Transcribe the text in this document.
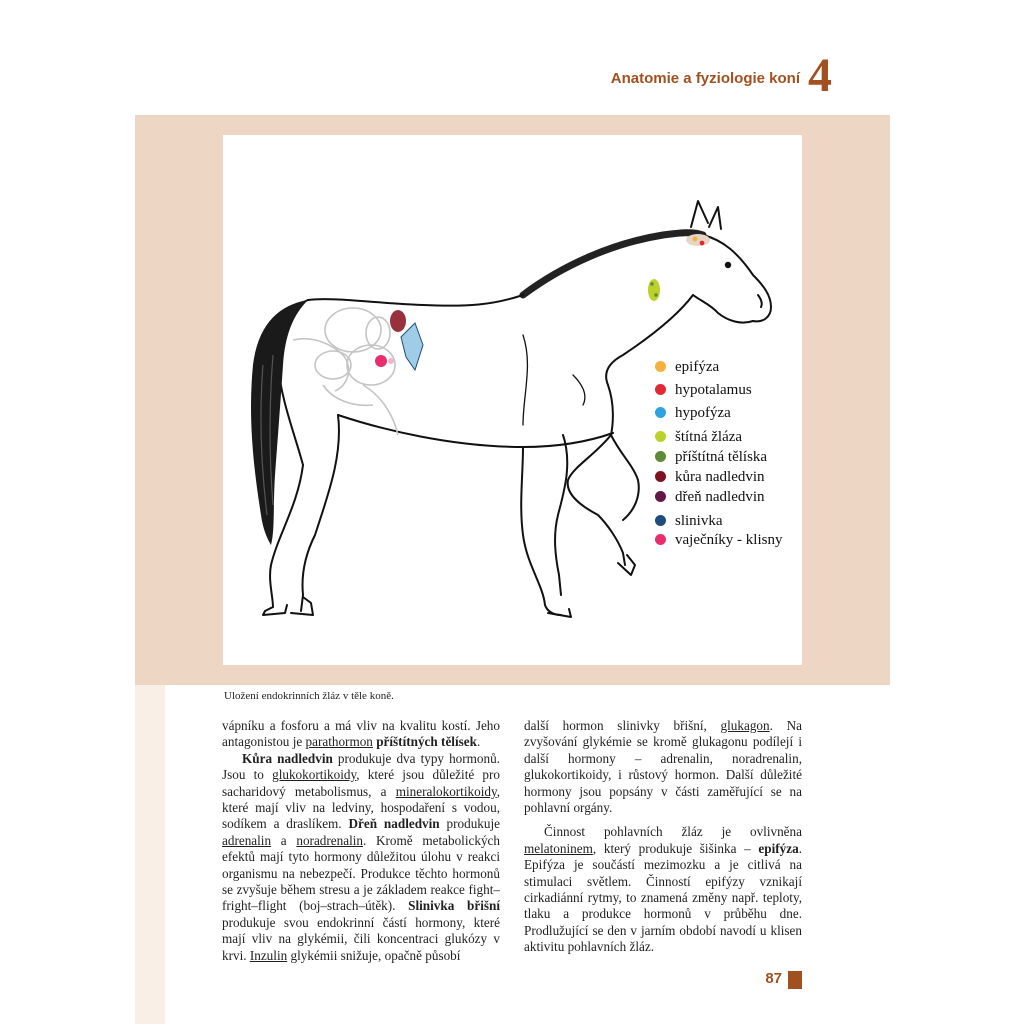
Anatomie a fyziologie koní 4
epifýza
hypotalamus
hypofýza
štítná žláza
příštítná tělíska
kůra nadledvin
dřeň nadledvin
slinivka
vaječníky - klisny
Uložení endokrinních žláz v těle koně.

vápníku a fosforu a má vliv na kvalitu kostí. Jeho antagonistou je parathormon příštítných tělísek.

Kůra nadledvin produkuje dva typy hormonů. Jsou to glukokortikoidy, které jsou důležité pro sacharidový metabolismus, a mineralokortikoidy, které mají vliv na ledviny, hospodaření s vodou, sodíkem a draslíkem. Dřeň nadledvin produkuje adrenalin a noradrenalin. Kromě metabolických efektů mají tyto hormony důležitou úlohu v reakci organismu na nebezpečí. Produkce těchto hormonů se zvyšuje během stresu a je základem reakce fight–fright–flight (boj–strach–útěk). Slinivka břišní produkuje svou endokrinní částí hormony, které mají vliv na glykémii, čili koncentraci glukózy v krvi. Inzulin glykémii snižuje, opačně působí

další hormon slinivky břišní, glukagon. Na zvyšování glykémie se kromě glukagonu podílejí i další hormony – adrenalin, noradrenalin, glukokortikoidy, i růstový hormon. Další důležité hormony jsou popsány v části zaměřující se na pohlavní orgány.

Činnost pohlavních žláz je ovlivněna melatoninem, který produkuje šišinka – epifýza. Epifýza je součástí mezimozku a je citlivá na stimulaci světlem. Činností epifýzy vznikají cirkadiánní rytmy, to znamená změny např. teploty, tlaku a produkce hormonů v průběhu dne. Prodlužující se den v jarním období navodí u klisen aktivitu pohlavních žláz.

87
